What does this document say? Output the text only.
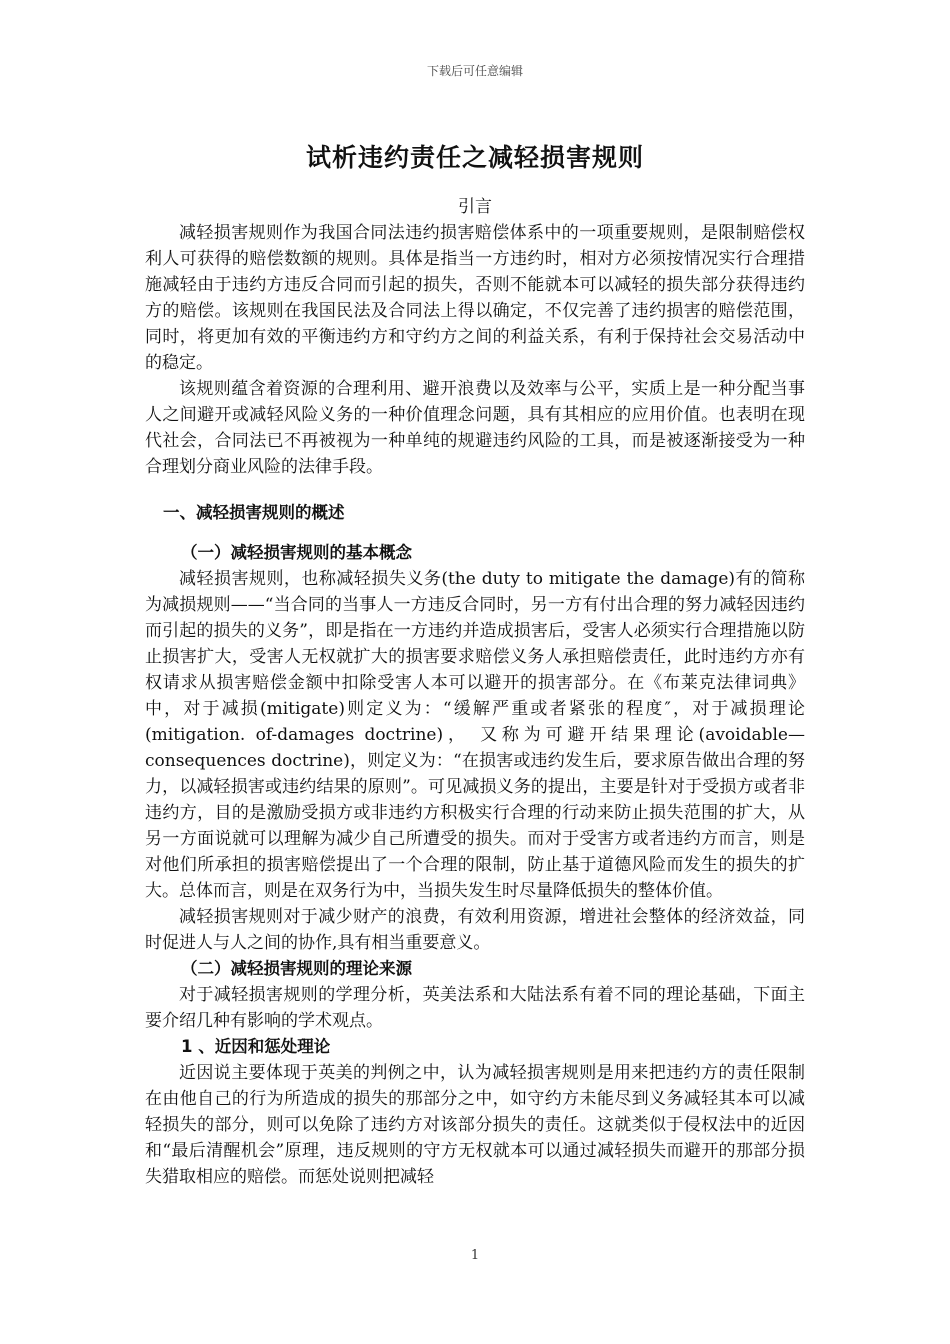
下载后可任意编辑
试析违约责任之减轻损害规则
引言

减轻损害规则作为我国合同法违约损害赔偿体系中的一项重要规则，是限制赔偿权利人可获得的赔偿数额的规则。具体是指当一方违约时，相对方必须按情况实行合理措施减轻由于违约方违反合同而引起的损失，否则不能就本可以减轻的损失部分获得违约方的赔偿。该规则在我国民法及合同法上得以确定，不仅完善了违约损害的赔偿范围，同时，将更加有效的平衡违约方和守约方之间的利益关系，有利于保持社会交易活动中的稳定。

该规则蕴含着资源的合理利用、避开浪费以及效率与公平，实质上是一种分配当事人之间避开或减轻风险义务的一种价值理念问题，具有其相应的应用价值。也表明在现代社会，合同法已不再被视为一种单纯的规避违约风险的工具，而是被逐渐接受为一种合理划分商业风险的法律手段。

一、减轻损害规则的概述
（一）减轻损害规则的基本概念

减轻损害规则，也称减轻损失义务(the duty to mitigate the damage)有的简称为减损规则——“当合同的当事人一方违反合同时，另一方有付出合理的努力减轻因违约而引起的损失的义务”，即是指在一方违约并造成损害后，受害人必须实行合理措施以防止损害扩大，受害人无权就扩大的损害要求赔偿义务人承担赔偿责任，此时违约方亦有权请求从损害赔偿金额中扣除受害人本可以避开的损害部分。在《布莱克法律词典》中，对于减损(mitigate)则定义为：“缓解严重或者紧张的程度″，对于减损理论(mitigation. of-damages doctrine)， 又称为可避开结果理论(avoidable—consequences doctrine)，则定义为：“在损害或违约发生后，要求原告做出合理的努力，以减轻损害或违约结果的原则”。可见减损义务的提出，主要是针对于受损方或者非违约方，目的是激励受损方或非违约方积极实行合理的行动来防止损失范围的扩大，从另一方面说就可以理解为减少自己所遭受的损失。而对于受害方或者违约方而言，则是对他们所承担的损害赔偿提出了一个合理的限制，防止基于道德风险而发生的损失的扩大。总体而言，则是在双务行为中，当损失发生时尽量降低损失的整体价值。

减轻损害规则对于减少财产的浪费，有效利用资源，增进社会整体的经济效益，同时促进人与人之间的协作,具有相当重要意义。

（二）减轻损害规则的理论来源

对于减轻损害规则的学理分析，英美法系和大陆法系有着不同的理论基础，下面主要介绍几种有影响的学术观点。

1 、近因和惩处理论

近因说主要体现于英美的判例之中，认为减轻损害规则是用来把违约方的责任限制在由他自己的行为所造成的损失的那部分之中，如守约方未能尽到义务减轻其本可以减轻损失的部分，则可以免除了违约方对该部分损失的责任。这就类似于侵权法中的近因和“最后清醒机会”原理，违反规则的守方无权就本可以通过减轻损失而避开的那部分损失猎取相应的赔偿。而惩处说则把减轻

1
